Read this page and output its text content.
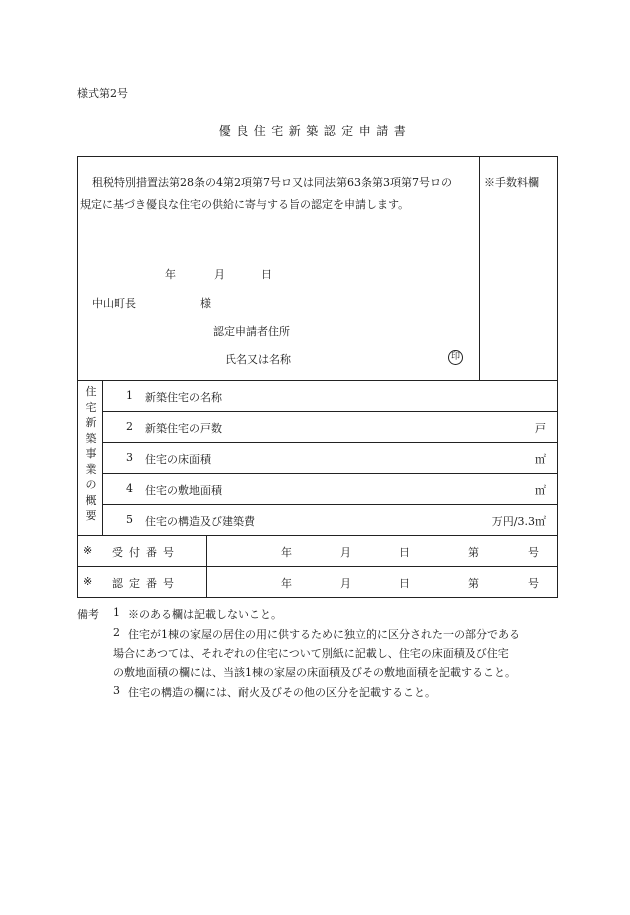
様式第2号
優良住宅新築認定申請書
租税特別措置法第28条の4第2項第7号ロ又は同法第63条第3項第7号ロの
規定に基づき優良な住宅の供給に寄与する旨の認定を申請します。
年	月	日
中山町長	様
認定申請者住所
氏名又は名称	印
※手数料欄
住
宅
新
築
事
業
の
概
要
1 新築住宅の名称
2 新築住宅の戸数	戸
3 住宅の床面積	㎡
4 住宅の敷地面積	㎡
5 住宅の構造及び建築費	万円/3.3㎡
※ 受付番号	年	月	日	第	号
※ 認定番号	年	月	日	第	号
備考 1 ※のある欄は記載しないこと。
2 住宅が1棟の家屋の居住の用に供するために独立的に区分された一の部分である
場合にあつては、それぞれの住宅について別紙に記載し、住宅の床面積及び住宅
の敷地面積の欄には、当該1棟の家屋の床面積及びその敷地面積を記載すること。
3 住宅の構造の欄には、耐火及びその他の区分を記載すること。
